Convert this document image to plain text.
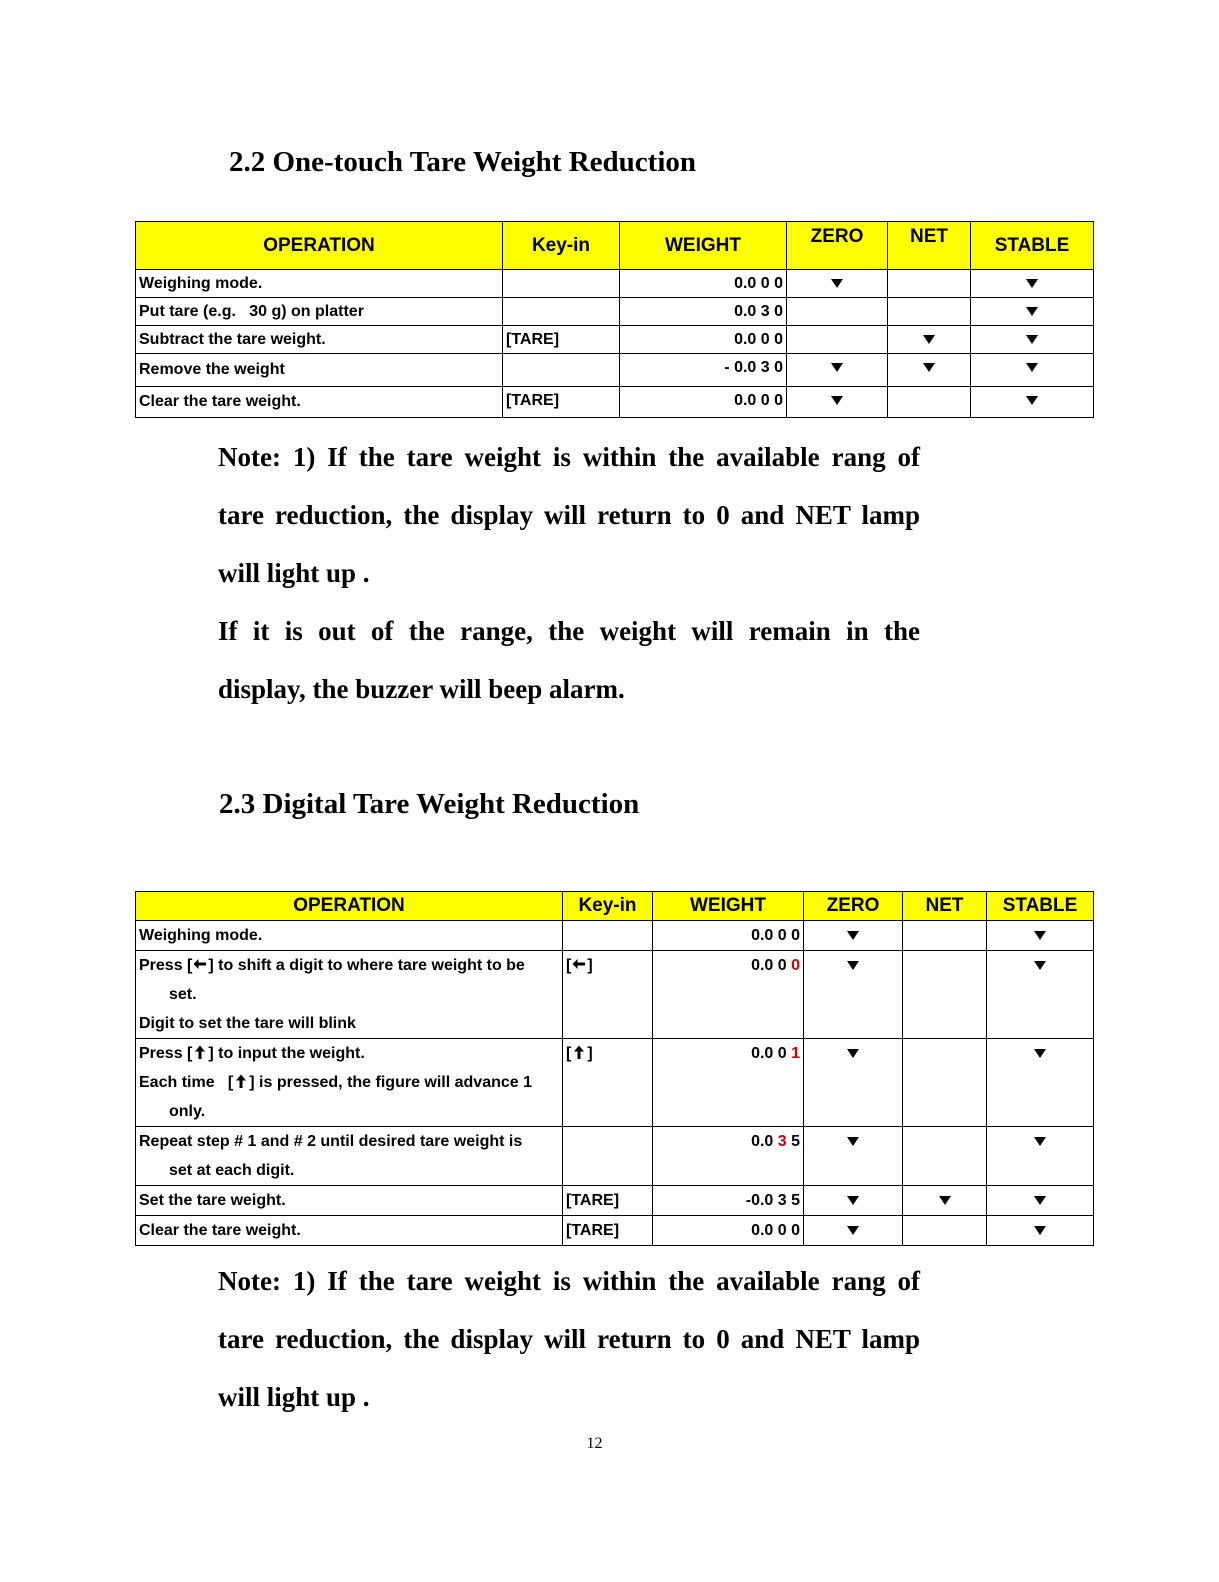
2.2 One-touch Tare Weight Reduction
OPERATION	Key-in	WEIGHT	ZERO	NET	STABLE
Weighing mode.		0.0 0 0			
Put tare (e.g.   30 g) on platter		0.0 3 0			
Subtract the tare weight.	[TARE]	0.0 0 0			
Remove the weight		- 0.0 3 0			
Clear the tare weight.	[TARE]	0.0 0 0			
Note: 1) If the tare weight is within the available rang of
tare reduction, the display will return to 0 and NET lamp
will light up .
If it is out of the range, the weight will remain in the
display, the buzzer will beep alarm.
2.3 Digital Tare Weight Reduction
OPERATION	Key-in	WEIGHT	ZERO	NET	STABLE
Weighing mode.		0.0 0 0			
Press [ ] to shift a digit to where tare weight to be
set.
Digit to set the tare will blink	[ ]	0.0 0 0			
Press [ ] to input the weight.
Each time   [ ] is pressed, the figure will advance 1
only.	[ ]	0.0 0 1			
Repeat step # 1 and # 2 until desired tare weight is
set at each digit.		0.0 3 5			
Set the tare weight.	[TARE]	-0.0 3 5			
Clear the tare weight.	[TARE]	0.0 0 0			
Note: 1) If the tare weight is within the available rang of
tare reduction, the display will return to 0 and NET lamp
will light up .
12
